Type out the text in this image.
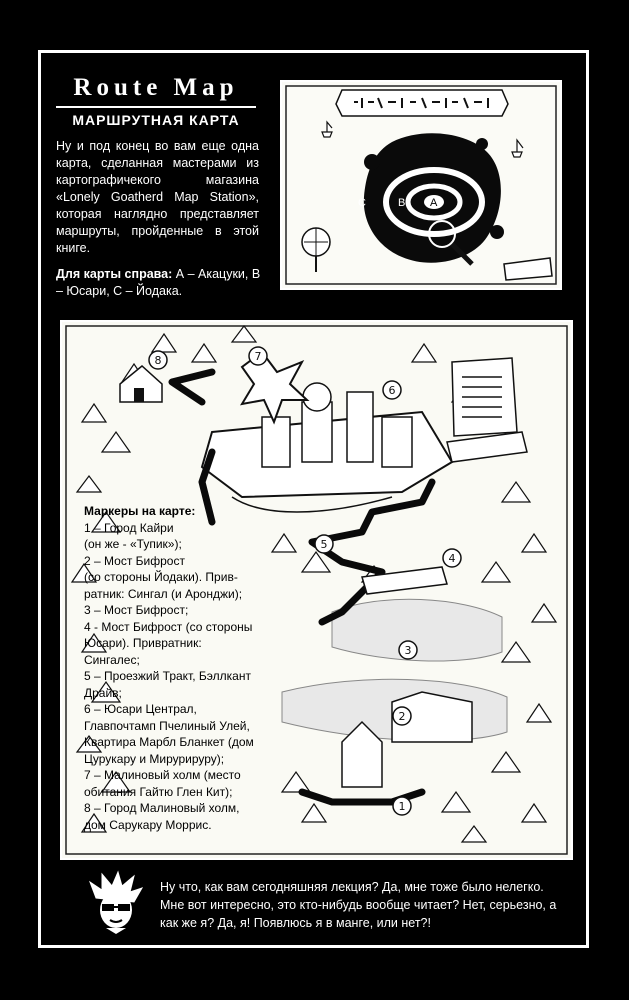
Route Map
МАРШРУТНАЯ КАРТА
Ну и под конец во вам еще одна карта, сделанная мастерами из картографичекого магазина «Lonely Goatherd Map Station», которая наглядно представляет маршруты, пройденные в этой книге.
Для карты справа: А – Акацуки, В – Юсари, С – Йодака.
C	B A
8
6
5
4
3
2
1
7
Маркеры на карте:
1 – Город Кайри
(он же - «Тупик»);
2 – Мост Бифрост
(со стороны Йодаки). Прив-
ратник: Сингал (и Аронджи);
3 – Мост Бифрост;
4 - Мост Бифрост (со стороны
Юсари). Привратник:
Сингалес;
5 – Проезжий Тракт, Бэллкант
Драйв;
6 – Юсари Централ,
Главпочтамп Пчелиный Улей,
Квартира Марбл Бланкет (дом
Цурукару и Мирурируру);
7 – Малиновый холм (место
обитания Гайтю Глен Кит);
8 – Город Малиновый холм,
дом Сарукару Моррис.
Ну что, как вам сегодняшняя лекция? Да, мне тоже было нелегко. Мне вот интересно, это кто-нибудь вообще читает? Нет, серьезно, а как же я? Да, я! Появлюсь я в манге, или нет?!
